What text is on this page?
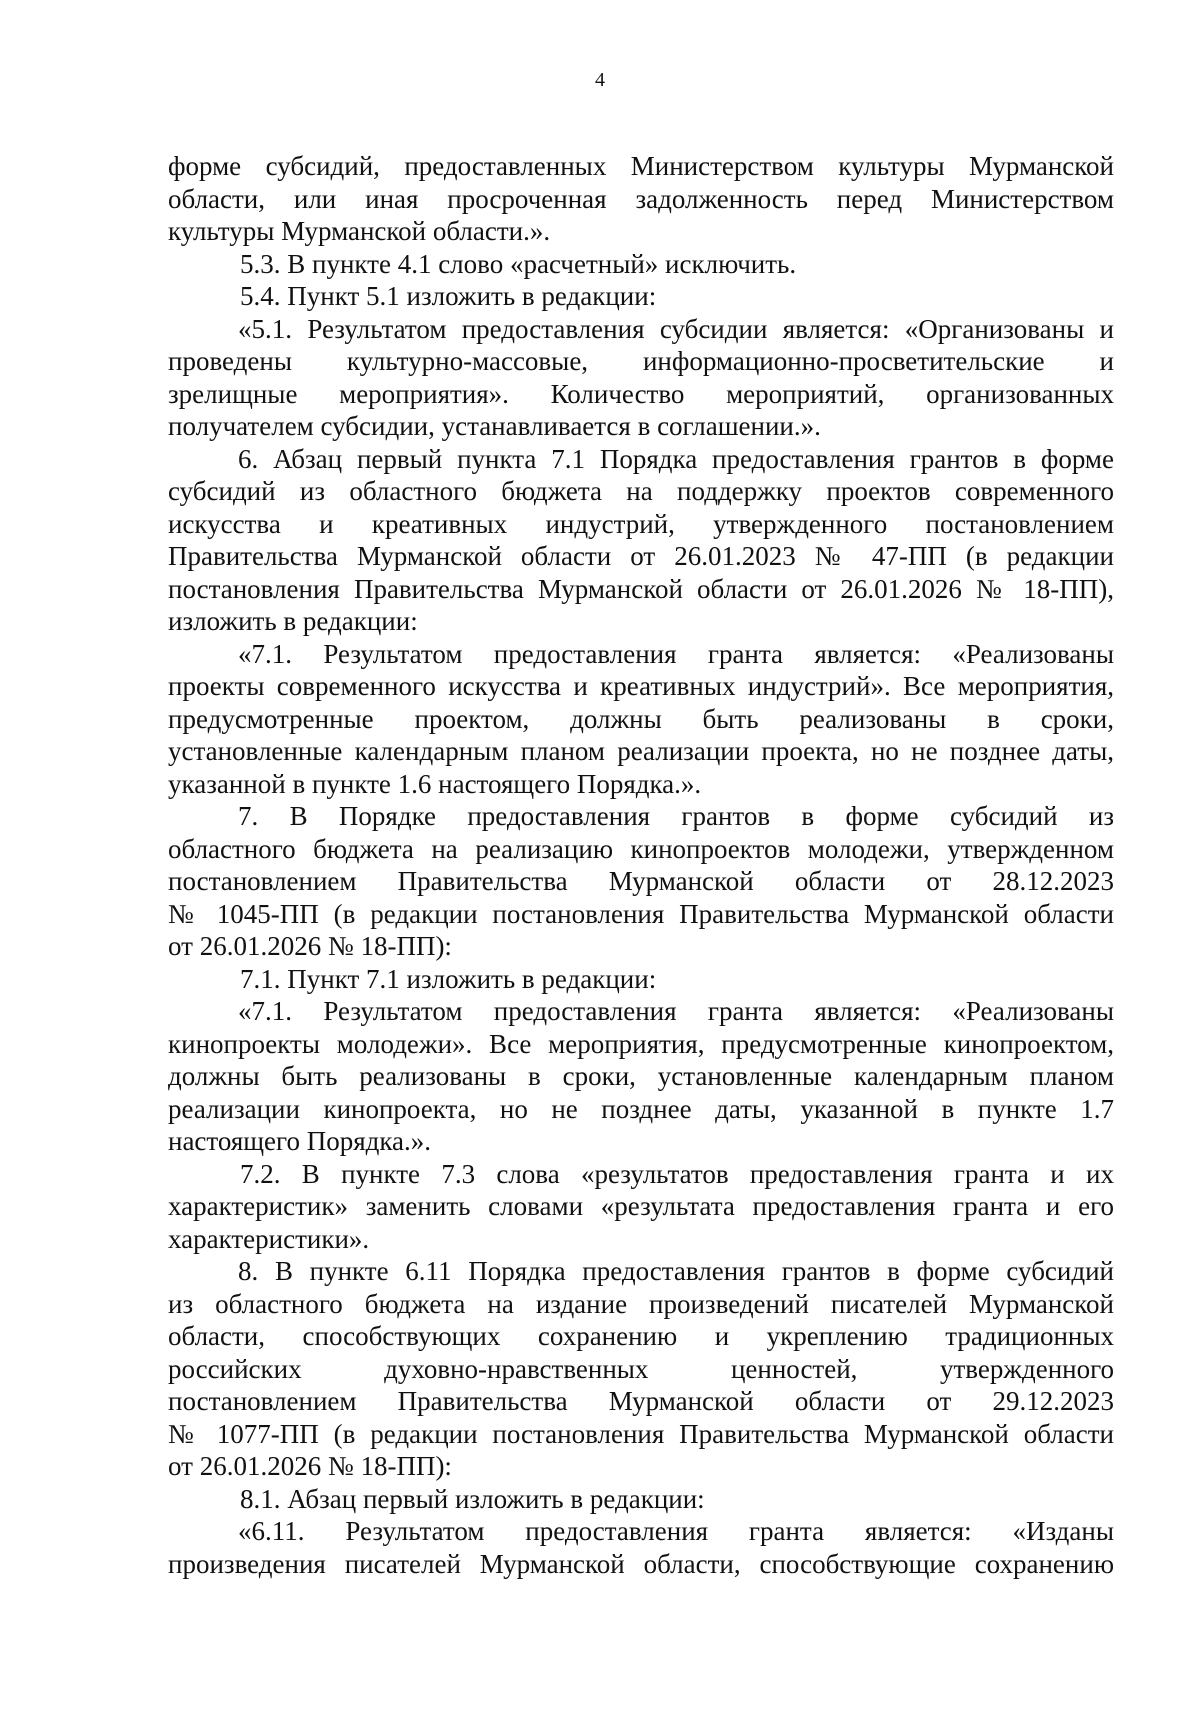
4
форме субсидий, предоставленных Министерством культуры Мурманской
области, или иная просроченная задолженность перед Министерством
культуры Мурманской области.».
5.3. В пункте 4.1 слово «расчетный» исключить.
5.4. Пункт 5.1 изложить в редакции:
«5.1. Результатом предоставления субсидии является: «Организованы и
проведены культурно-массовые, информационно-просветительские и
зрелищные мероприятия». Количество мероприятий, организованных
получателем субсидии, устанавливается в соглашении.».
6. Абзац первый пункта 7.1 Порядка предоставления грантов в форме
субсидий из областного бюджета на поддержку проектов современного
искусства и креативных индустрий, утвержденного постановлением
Правительства Мурманской области от 26.01.2023 № 47-ПП (в редакции
постановления Правительства Мурманской области от 26.01.2026 № 18-ПП),
изложить в редакции:
«7.1. Результатом предоставления гранта является: «Реализованы
проекты современного искусства и креативных индустрий». Все мероприятия,
предусмотренные проектом, должны быть реализованы в сроки,
установленные календарным планом реализации проекта, но не позднее даты,
указанной в пункте 1.6 настоящего Порядка.».
7. В Порядке предоставления грантов в форме субсидий из
областного бюджета на реализацию кинопроектов молодежи, утвержденном
постановлением Правительства Мурманской области от 28.12.2023
№ 1045-ПП (в редакции постановления Правительства Мурманской области
от 26.01.2026 № 18-ПП):
7.1. Пункт 7.1 изложить в редакции:
«7.1. Результатом предоставления гранта является: «Реализованы
кинопроекты молодежи». Все мероприятия, предусмотренные кинопроектом,
должны быть реализованы в сроки, установленные календарным планом
реализации кинопроекта, но не позднее даты, указанной в пункте 1.7
настоящего Порядка.».
7.2. В пункте 7.3 слова «результатов предоставления гранта и их
характеристик» заменить словами «результата предоставления гранта и его
характеристики».
8. В пункте 6.11 Порядка предоставления грантов в форме субсидий
из областного бюджета на издание произведений писателей Мурманской
области, способствующих сохранению и укреплению традиционных
российских духовно-нравственных ценностей, утвержденного
постановлением Правительства Мурманской области от 29.12.2023
№ 1077-ПП (в редакции постановления Правительства Мурманской области
от 26.01.2026 № 18-ПП):
8.1. Абзац первый изложить в редакции:
«6.11. Результатом предоставления гранта является: «Изданы
произведения писателей Мурманской области, способствующие сохранению
